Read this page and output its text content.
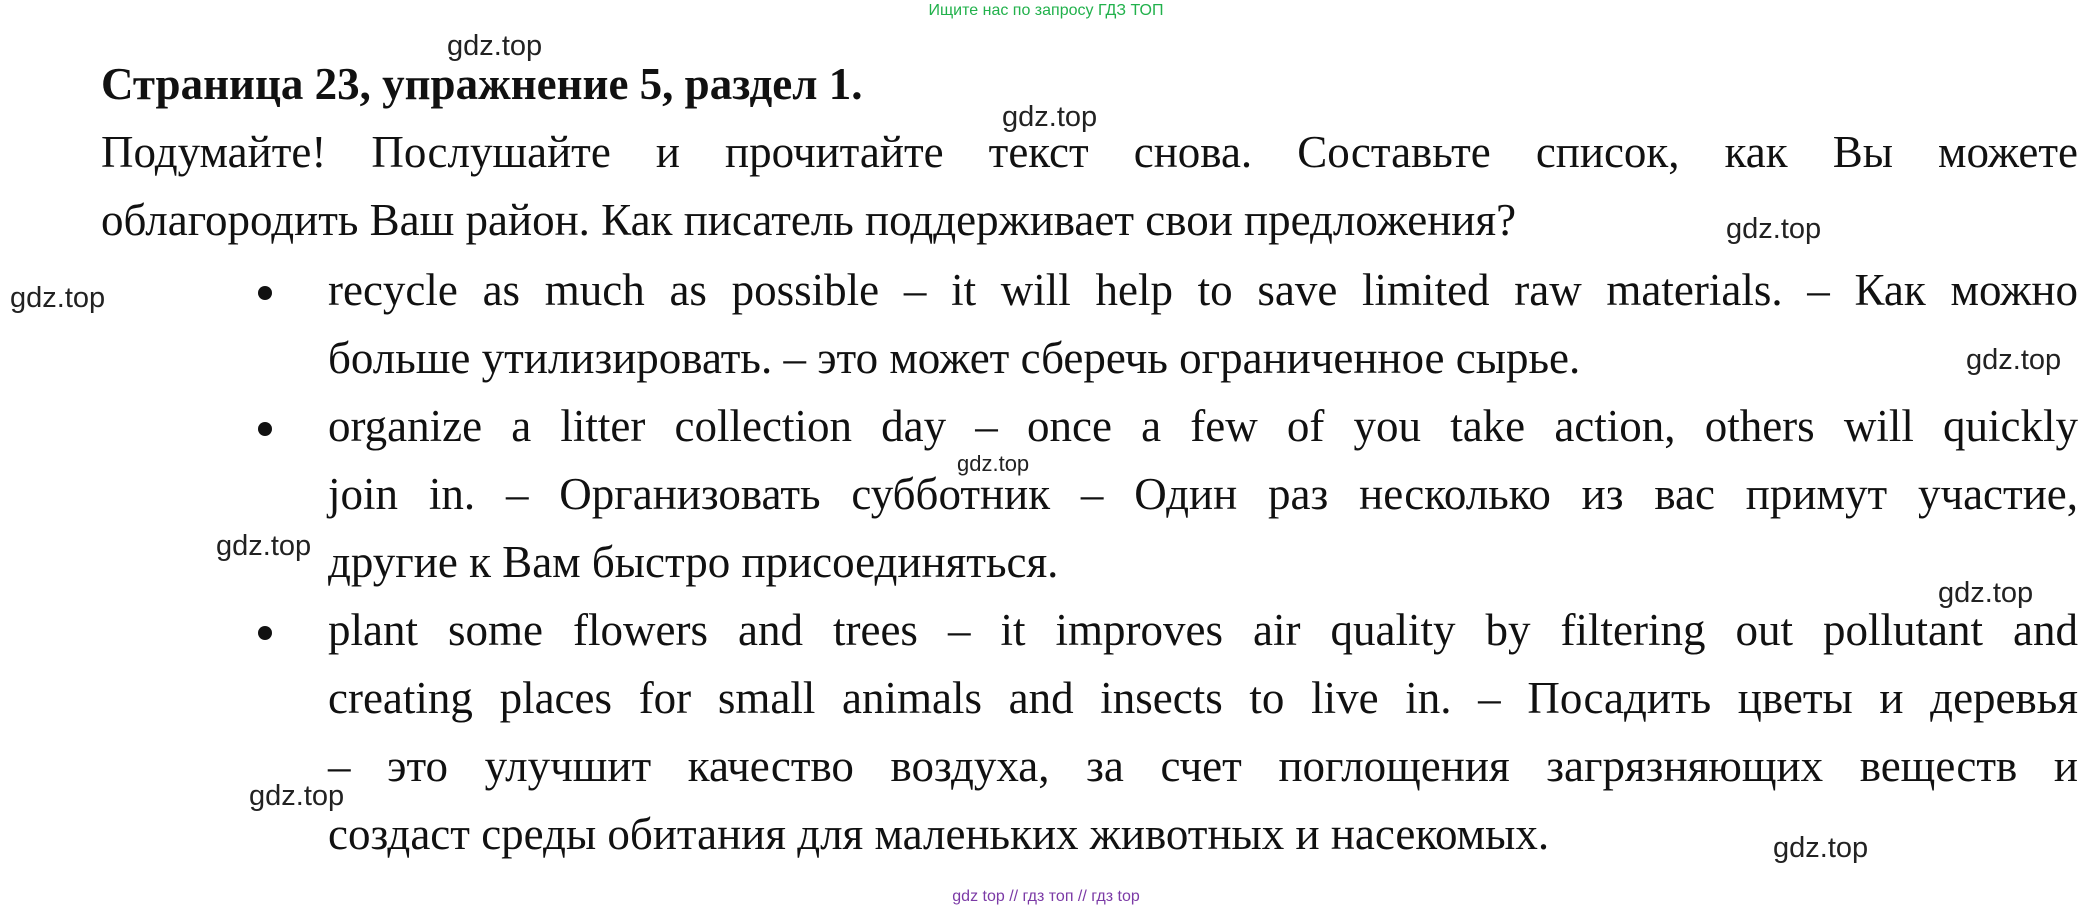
Ищите нас по запросу ГДЗ ТОП
Страница 23, упражнение 5, раздел 1.
Подумайте! Послушайте и прочитайте текст снова. Составьте список, как Вы можете
облагородить Ваш район. Как писатель поддерживает свои предложения?
recycle as much as possible – it will help to save limited raw materials. – Как можно
больше утилизировать. – это может сберечь ограниченное сырье.
organize a litter collection day – once a few of you take action, others will quickly
join in. – Организовать субботник – Один раз несколько из вас примут участие,
другие к Вам быстро присоединяться.
plant some flowers and trees – it improves air quality by filtering out pollutant and
creating places for small animals and insects to live in. – Посадить цветы и деревья
– это улучшит качество воздуха, за счет поглощения загрязняющих веществ и
создаст среды обитания для маленьких животных и насекомых.
gdz.top
gdz.top
gdz.top
gdz.top
gdz.top
gdz.top
gdz.top
gdz.top
gdz.top
gdz.top
gdz top // гдз топ // гдз top
